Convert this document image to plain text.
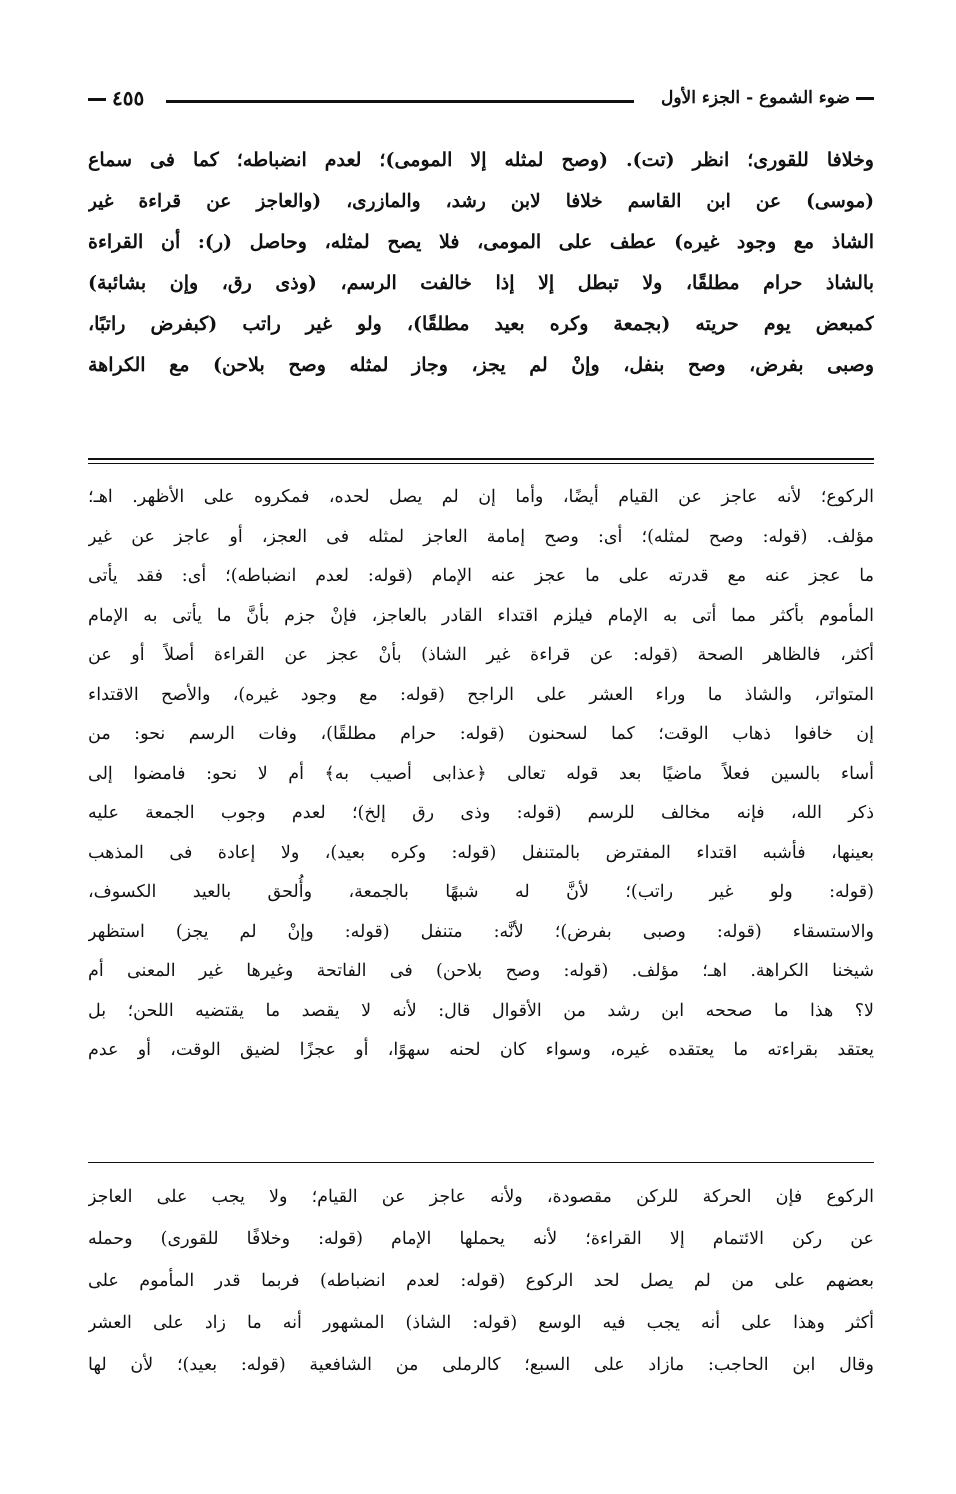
ضوء الشموع - الجزء الأول
٤٥٥
وخلافا للقورى؛ انظر (تت). (وصح لمثله إلا المومى)؛ لعدم انضباطه؛ كما فى سماع
(موسى) عن ابن القاسم خلافا لابن رشد، والمازرى، (والعاجز عن قراءة غير
الشاذ مع وجود غيره) عطف على المومى، فلا يصح لمثله، وحاصل (ر): أن القراءة
بالشاذ حرام مطلقًا، ولا تبطل إلا إذا خالفت الرسم، (وذى رق، وإن بشائبة)
كمبعض يوم حريته (بجمعة وكره بعيد مطلقًا)، ولو غير راتب (كبفرض راتبًا،
وصبى بفرض، وصح بنفل، وإنْ لم يجز، وجاز لمثله وصح بلاحن) مع الكراهة
الركوع؛ لأنه عاجز عن القيام أيضًا، وأما إن لم يصل لحده، فمكروه على الأظهر. اهـ؛
مؤلف. (قوله: وصح لمثله)؛ أى: وصح إمامة العاجز لمثله فى العجز، أو عاجز عن غير
ما عجز عنه مع قدرته على ما عجز عنه الإمام (قوله: لعدم انضباطه)؛ أى: فقد يأتى
المأموم بأكثر مما أتى به الإمام فيلزم اقتداء القادر بالعاجز، فإنْ جزم بأنَّ ما يأتى به الإمام
أكثر، فالظاهر الصحة (قوله: عن قراءة غير الشاذ) بأنْ عجز عن القراءة أصلاً أو عن
المتواتر، والشاذ ما وراء العشر على الراجح (قوله: مع وجود غيره)، والأصح الاقتداء
إن خافوا ذهاب الوقت؛ كما لسحنون (قوله: حرام مطلقًا)، وفات الرسم نحو: من
أساء بالسين فعلاً ماضيًا بعد قوله تعالى ﴿عذابى أصيب به﴾ أم لا نحو: فامضوا إلى
ذكر الله، فإنه مخالف للرسم (قوله: وذى رق إلخ)؛ لعدم وجوب الجمعة عليه
بعينها، فأشبه اقتداء المفترض بالمتنفل (قوله: وكره بعيد)، ولا إعادة فى المذهب
(قوله: ولو غير راتب)؛ لأنَّ له شبهًا بالجمعة، وأُلحق بالعيد الكسوف،
والاستسقاء (قوله: وصبى بفرض)؛ لأنَّه: متنفل (قوله: وإنْ لم يجز) استظهر
شيخنا الكراهة. اهـ؛ مؤلف. (قوله: وصح بلاحن) فى الفاتحة وغيرها غير المعنى أم
لا؟ هذا ما صححه ابن رشد من الأقوال قال: لأنه لا يقصد ما يقتضيه اللحن؛ بل
يعتقد بقراءته ما يعتقده غيره، وسواء كان لحنه سهوًا، أو عجزًا لضيق الوقت، أو عدم
الركوع فإن الحركة للركن مقصودة، ولأنه عاجز عن القيام؛ ولا يجب على العاجز
عن ركن الائتمام إلا القراءة؛ لأنه يحملها الإمام (قوله: وخلافًا للقورى) وحمله
بعضهم على من لم يصل لحد الركوع (قوله: لعدم انضباطه) فربما قدر المأموم على
أكثر وهذا على أنه يجب فيه الوسع (قوله: الشاذ) المشهور أنه ما زاد على العشر
وقال ابن الحاجب: مازاد على السبع؛ كالرملى من الشافعية (قوله: بعيد)؛ لأن لها
